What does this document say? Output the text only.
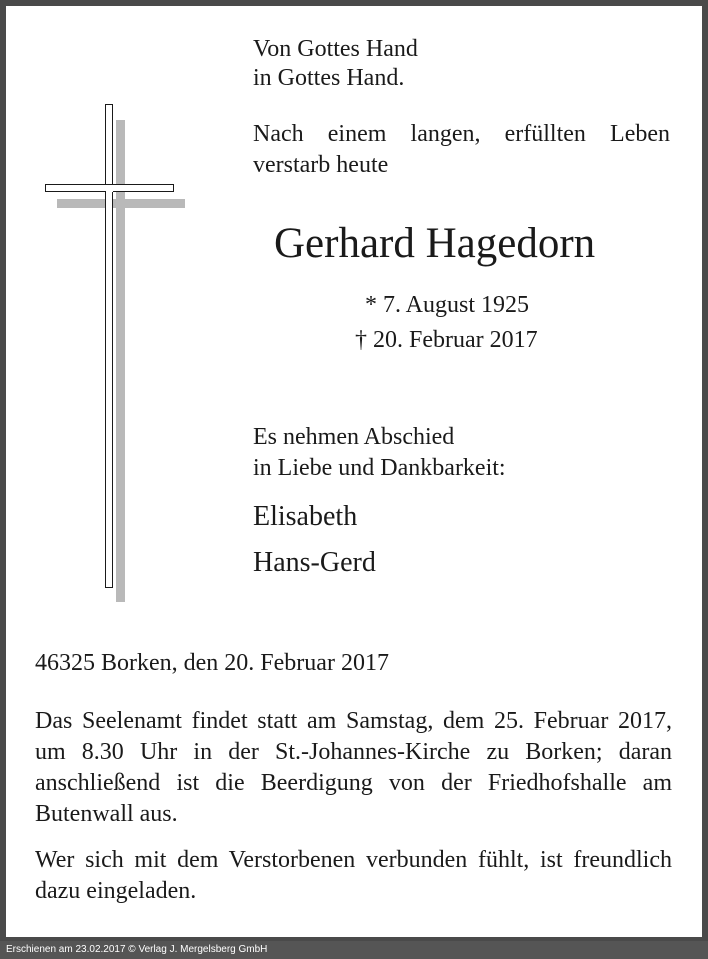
Von Gottes Hand
in Gottes Hand.
Nach einem langen, erfüllten Leben
verstarb heute
Gerhard Hagedorn
* 7. August 1925
† 20. Februar 2017
Es nehmen Abschied
in Liebe und Dankbarkeit:
Elisabeth
Hans-Gerd
46325 Borken, den 20. Februar 2017
Das Seelenamt findet statt am Samstag, dem 25. Februar 2017, um 8.30 Uhr in der St.-Johannes-Kirche zu Borken; daran anschließend ist die Beerdigung von der Friedhofshalle am Butenwall aus.
Wer sich mit dem Verstorbenen verbunden fühlt, ist freundlich dazu eingeladen.
Erschienen am 23.02.2017 © Verlag J. Mergelsberg GmbH
